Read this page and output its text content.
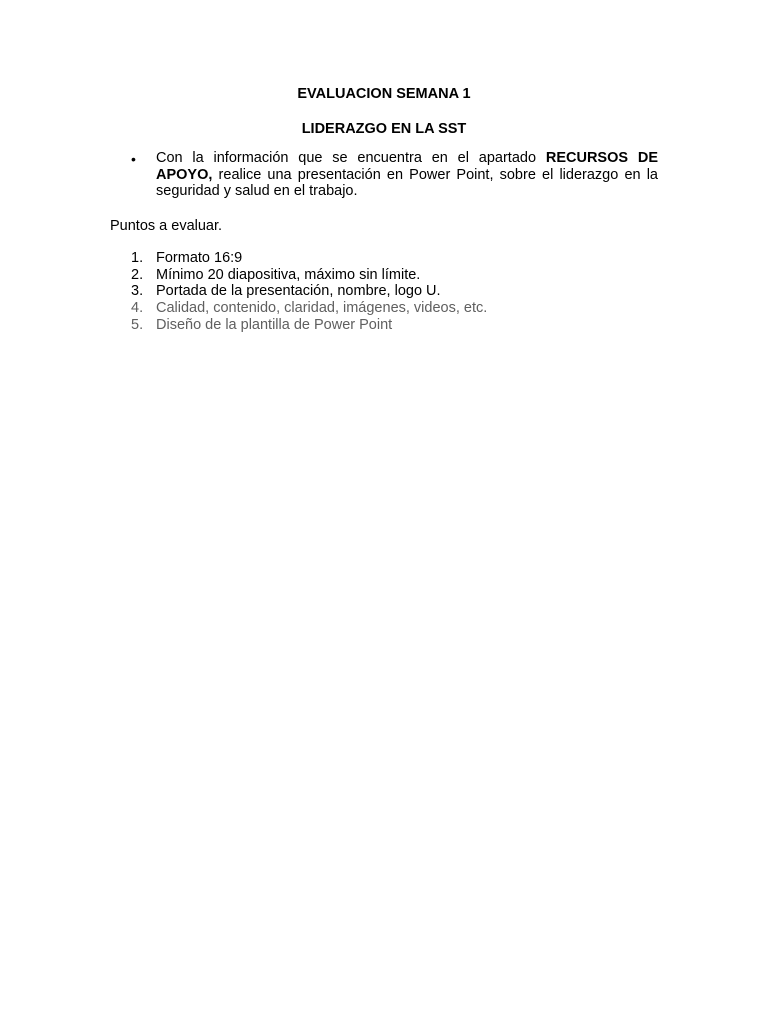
EVALUACION SEMANA 1
LIDERAZGO EN LA SST
•	Con la información que se encuentra en el apartado RECURSOS DE APOYO, realice una presentación en Power Point, sobre el liderazgo en la seguridad y salud en el trabajo.
Puntos a evaluar.
1. Formato 16:9
2. Mínimo 20 diapositiva, máximo sin límite.
3. Portada de la presentación, nombre, logo U.
4. Calidad, contenido, claridad, imágenes, videos, etc.
5. Diseño de la plantilla de Power Point
